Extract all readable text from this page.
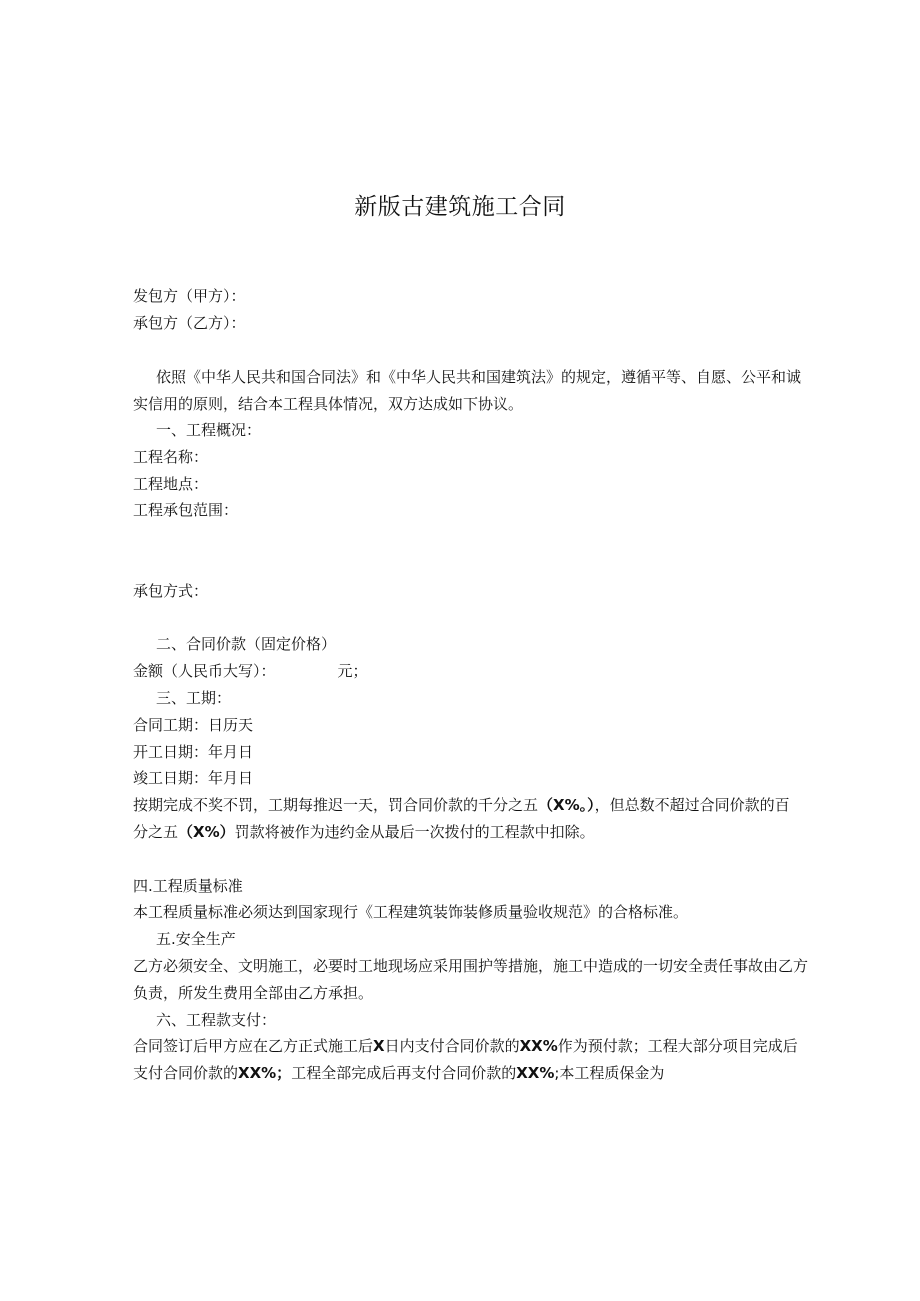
新版古建筑施工合同
发包方（甲方）：
承包方（乙方）：
依照《中华人民共和国合同法》和《中华人民共和国建筑法》的规定，遵循平等、自愿、公平和诚
实信用的原则，结合本工程具体情况，双方达成如下协议。
一、工程概况：
工程名称：
工程地点：
工程承包范围：
承包方式：
二、合同价款（固定价格）
金额（人民币大写）：	元；
三、工期：
合同工期：日历天
开工日期：年月日
竣工日期：年月日
按期完成不奖不罚，工期每推迟一天，罚合同价款的千分之五（X%。），但总数不超过合同价款的百
分之五（X%）罚款将被作为违约金从最后一次拨付的工程款中扣除。
四.工程质量标准
本工程质量标准必须达到国家现行《工程建筑装饰装修质量验收规范》的合格标准。
五.安全生产
乙方必须安全、文明施工，必要时工地现场应采用围护等措施，施工中造成的一切安全责任事故由乙方
负责，所发生费用全部由乙方承担。
六、工程款支付：
合同签订后甲方应在乙方正式施工后X日内支付合同价款的XX%作为预付款；工程大部分项目完成后
支付合同价款的XX%；工程全部完成后再支付合同价款的XX%;本工程质保金为
